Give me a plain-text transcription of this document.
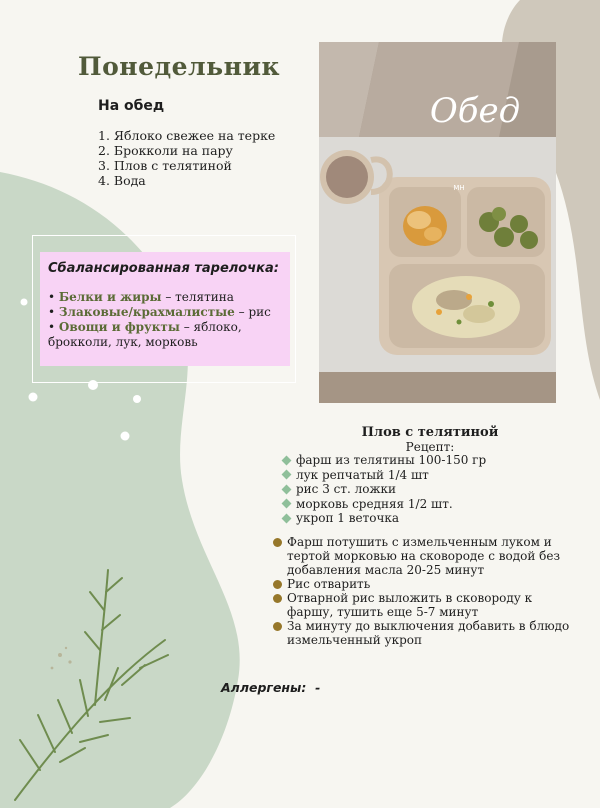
Понедельник
На обед
1. Яблоко свежее на терке
2. Брокколи на пару
3. Плов с телятиной
4. Вода
Сбалансированная тарелочка:
• Белки и жиры – телятина
• Злаковые/крахмалистые – рис
• Овощи и фрукты – яблоко, брокколи, лук, морковь
MH
Обед
Плов с телятиной
Рецепт:
фарш из телятины 100-150 гр
лук репчатый 1/4 шт
рис 3 ст. ложки
морковь средняя 1/2 шт.
укроп 1 веточка
Фарш потушить с измельченным луком и тертой морковью на сковороде с водой без добавления масла 20-25 минут
Рис отварить
Отварной рис выложить в сковороду к фаршу, тушить еще 5-7 минут
За минуту до выключения добавить в блюдо измельченный укроп
Аллергены: -
